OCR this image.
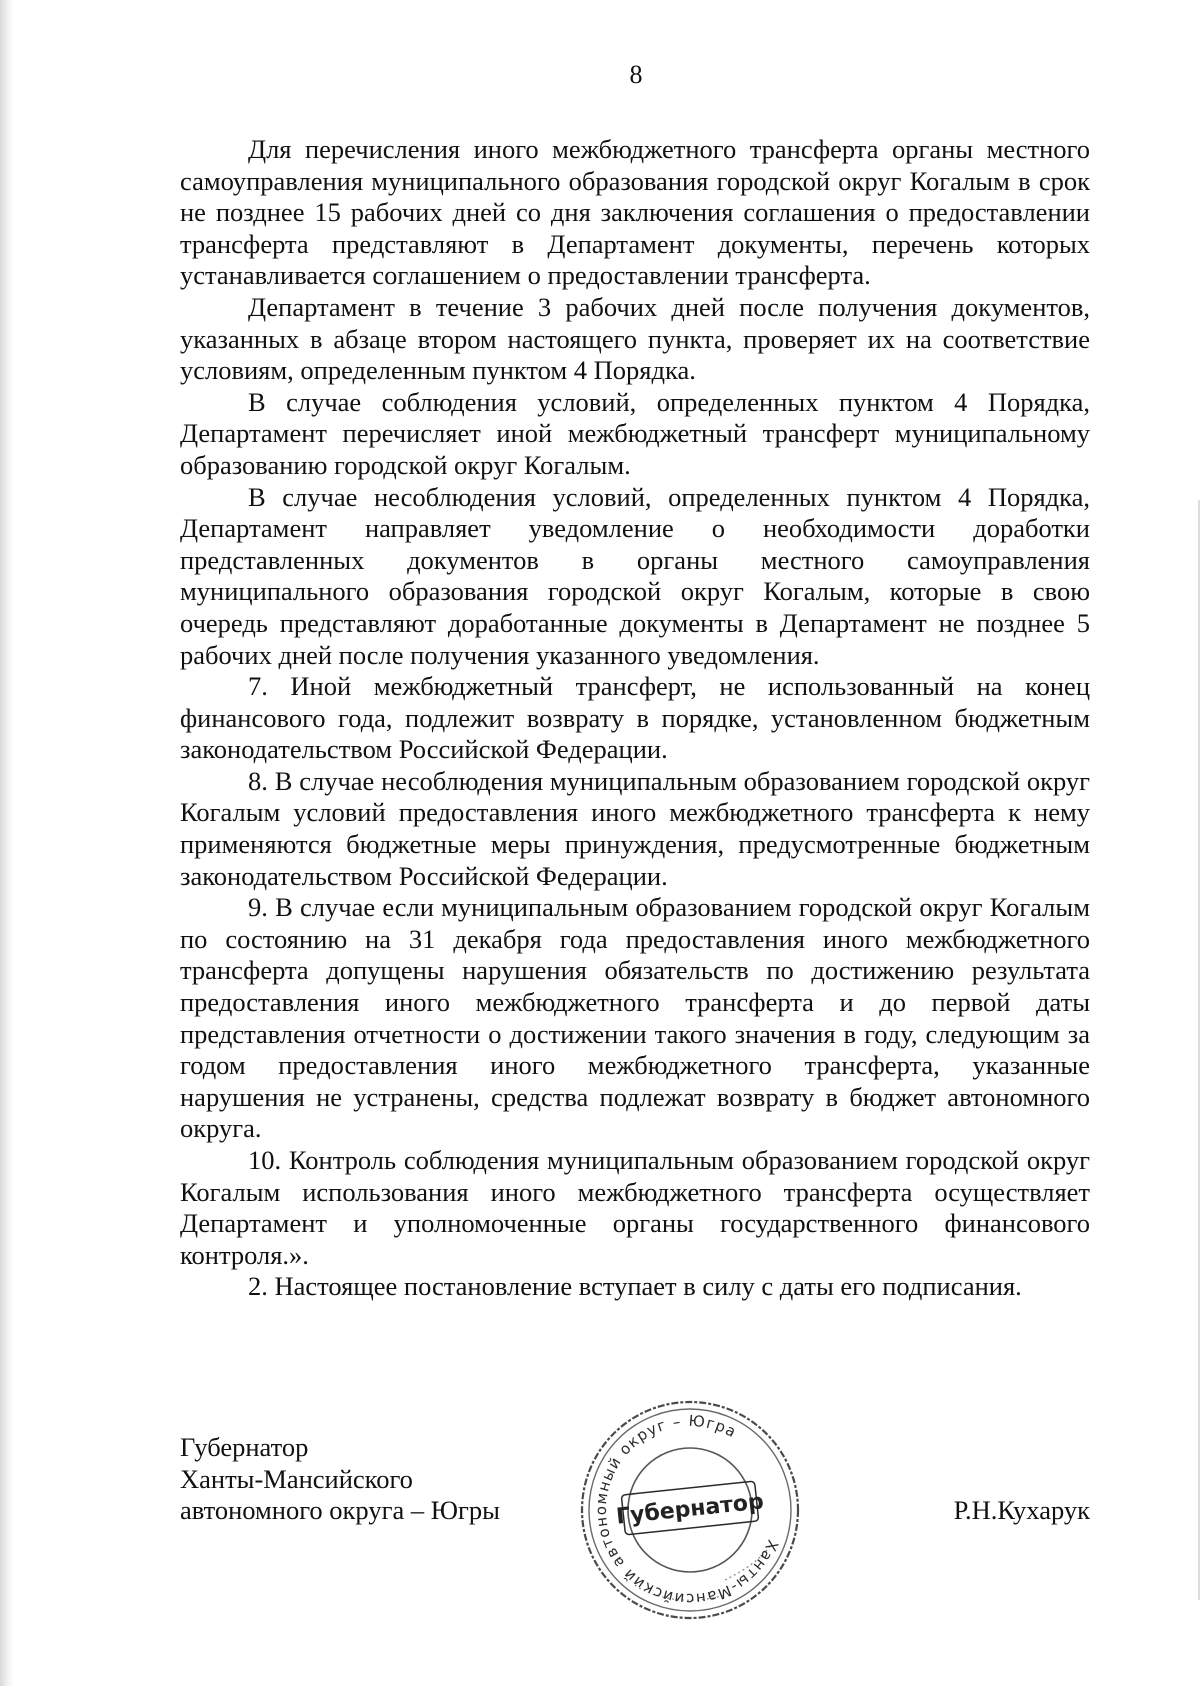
8

Для перечисления иного межбюджетного трансферта органы местного самоуправления муниципального образования городской округ Когалым в срок не позднее 15 рабочих дней со дня заключения соглашения о предоставлении трансферта представляют в Департамент документы, перечень которых устанавливается соглашением о предоставлении трансферта.

Департамент в течение 3 рабочих дней после получения документов, указанных в абзаце втором настоящего пункта, проверяет их на соответствие условиям, определенным пунктом 4 Порядка.

В случае соблюдения условий, определенных пунктом 4 Порядка, Департамент перечисляет иной межбюджетный трансферт муниципальному образованию городской округ Когалым.

В случае несоблюдения условий, определенных пунктом 4 Порядка, Департамент направляет уведомление о необходимости доработки представленных документов в органы местного самоуправления муниципального образования городской округ Когалым, которые в свою очередь представляют доработанные документы в Департамент не позднее 5 рабочих дней после получения указанного уведомления.

7. Иной межбюджетный трансферт, не использованный на конец финансового года, подлежит возврату в порядке, установленном бюджетным законодательством Российской Федерации.

8. В случае несоблюдения муниципальным образованием городской округ Когалым условий предоставления иного межбюджетного трансферта к нему применяются бюджетные меры принуждения, предусмотренные бюджетным законодательством Российской Федерации.

9. В случае если муниципальным образованием городской округ Когалым по состоянию на 31 декабря года предоставления иного межбюджетного трансферта допущены нарушения обязательств по достижению результата предоставления иного межбюджетного трансферта и до первой даты представления отчетности о достижении такого значения в году, следующим за годом предоставления иного межбюджетного трансферта, указанные нарушения не устранены, средства подлежат возврату в бюджет автономного округа.

10. Контроль соблюдения муниципальным образованием городской округ Когалым использования иного межбюджетного трансферта осуществляет Департамент и уполномоченные органы государственного финансового контроля.».

2. Настоящее постановление вступает в силу с даты его подписания.

Губернатор
Ханты-Мансийского
автономного округа – Югры
Ханты-Мансийский автономный округ – Югра
Губернатор	Р.Н.Кухарук
